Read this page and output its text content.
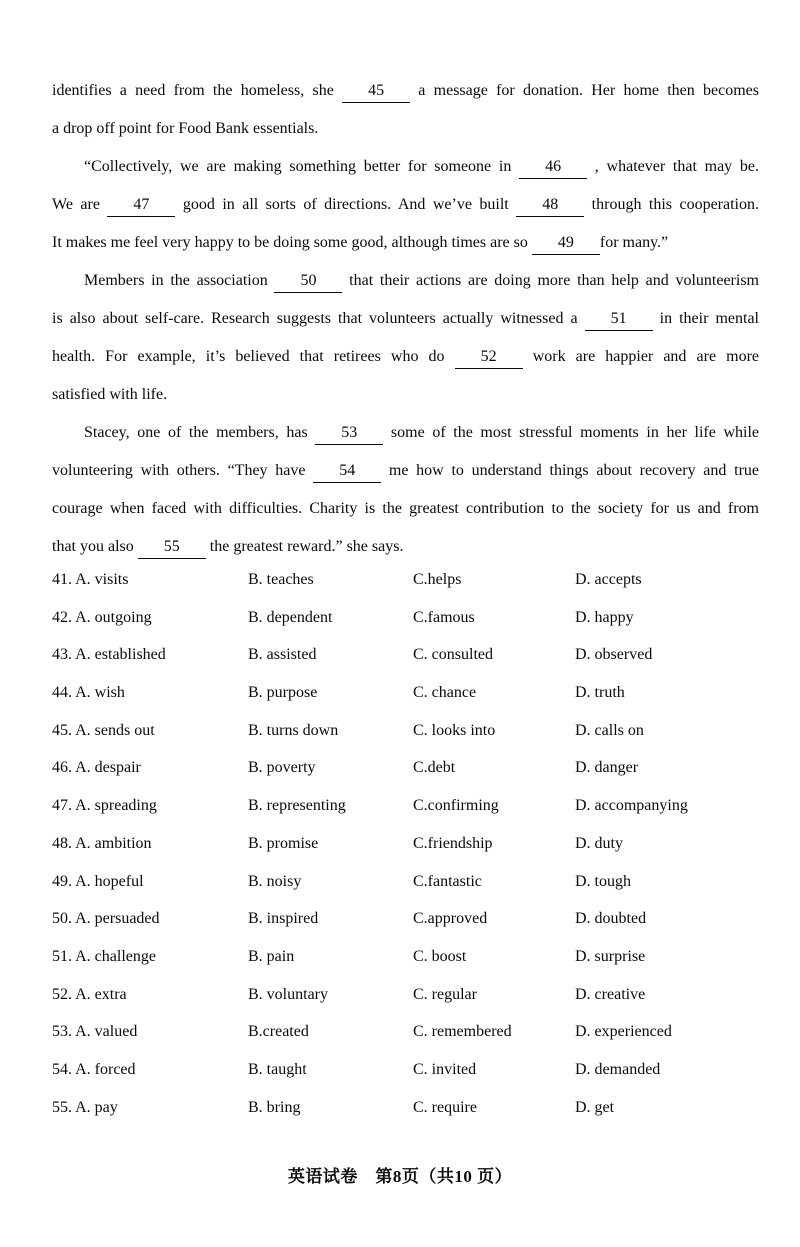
identifies a need from the homeless, she 45 a message for donation. Her home then becomes
a drop off point for Food Bank essentials.
“Collectively, we are making something better for someone in 46 , whatever that may be.
We are 47 good in all sorts of directions. And we’ve built 48 through this cooperation.
It makes me feel very happy to be doing some good, although times are so 49 for many.”
Members in the association 50 that their actions are doing more than help and volunteerism
is also about self-care. Research suggests that volunteers actually witnessed a 51 in their mental
health. For example, it’s believed that retirees who do 52 work are happier and are more
satisfied with life.
Stacey, one of the members, has 53 some of the most stressful moments in her life while
volunteering with others. “They have 54 me how to understand things about recovery and true
courage when faced with difficulties. Charity is the greatest contribution to the society for us and from
that you also 55 the greatest reward.” she says.
41. A. visits	B. teaches	C.helps	D. accepts
42. A. outgoing	B. dependent	C.famous	D. happy
43. A. established	B. assisted	C. consulted	D. observed
44. A. wish	B. purpose	C. chance	D. truth
45. A. sends out	B. turns down	C. looks into	D. calls on
46. A. despair	B. poverty	C.debt	D. danger
47. A. spreading	B. representing	C.confirming	D. accompanying
48. A. ambition	B. promise	C.friendship	D. duty
49. A. hopeful	B. noisy	C.fantastic	D. tough
50. A. persuaded	B. inspired	C.approved	D. doubted
51. A. challenge	B. pain	C. boost	D. surprise
52. A. extra	B. voluntary	C. regular	D. creative
53. A. valued	B.created	C. remembered	D. experienced
54. A. forced	B. taught	C. invited	D. demanded
55. A. pay	B. bring	C. require	D. get
英语试卷　第8页（共10 页）
